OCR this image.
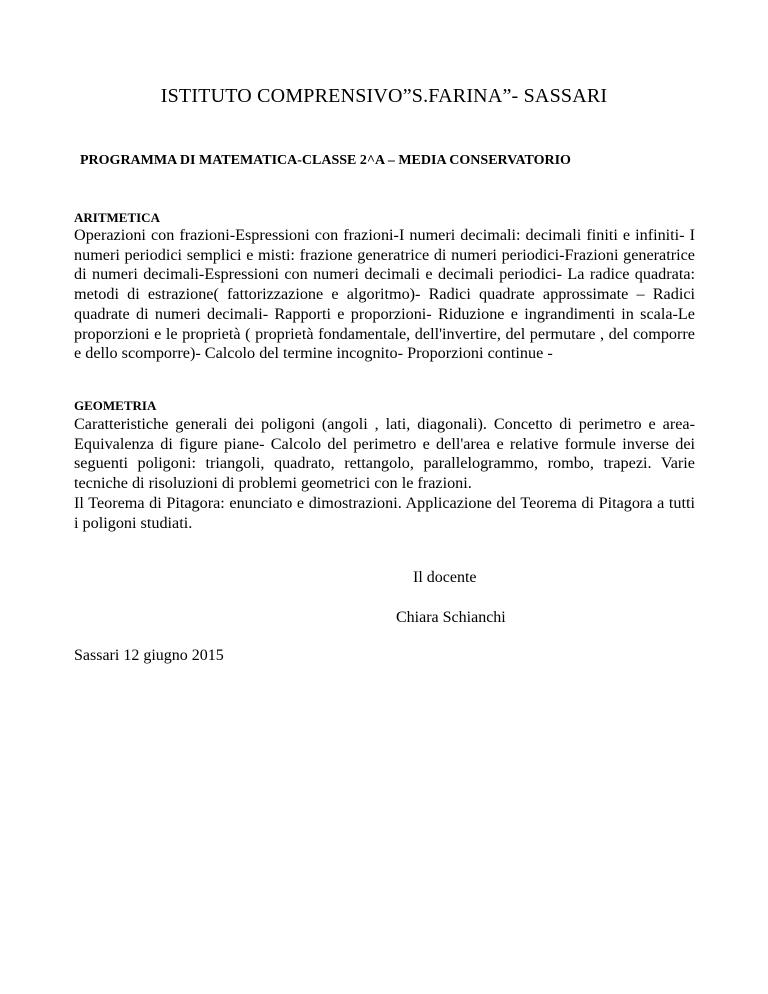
ISTITUTO COMPRENSIVO”S.FARINA”- SASSARI
PROGRAMMA DI MATEMATICA-CLASSE 2^A – MEDIA CONSERVATORIO
ARITMETICA

Operazioni con frazioni-Espressioni con frazioni-I numeri decimali: decimali finiti e infiniti- I numeri periodici semplici e misti: frazione generatrice di numeri periodici-Frazioni generatrice di numeri decimali-Espressioni con numeri decimali e decimali periodici- La radice quadrata: metodi di estrazione( fattorizzazione e algoritmo)- Radici quadrate approssimate – Radici quadrate di numeri decimali- Rapporti e proporzioni- Riduzione e ingrandimenti in scala-Le proporzioni e le proprietà ( proprietà fondamentale, dell'invertire, del permutare , del comporre e dello scomporre)- Calcolo del termine incognito- Proporzioni continue -

GEOMETRIA

Caratteristiche generali dei poligoni (angoli , lati, diagonali). Concetto di perimetro e area- Equivalenza di figure piane- Calcolo del perimetro e dell'area e relative formule inverse dei seguenti poligoni: triangoli, quadrato, rettangolo, parallelogrammo, rombo, trapezi. Varie tecniche di risoluzioni di problemi geometrici con le frazioni.

Il Teorema di Pitagora: enunciato e dimostrazioni. Applicazione del Teorema di Pitagora a tutti i poligoni studiati.

Il docente
Chiara Schianchi
Sassari 12 giugno 2015
